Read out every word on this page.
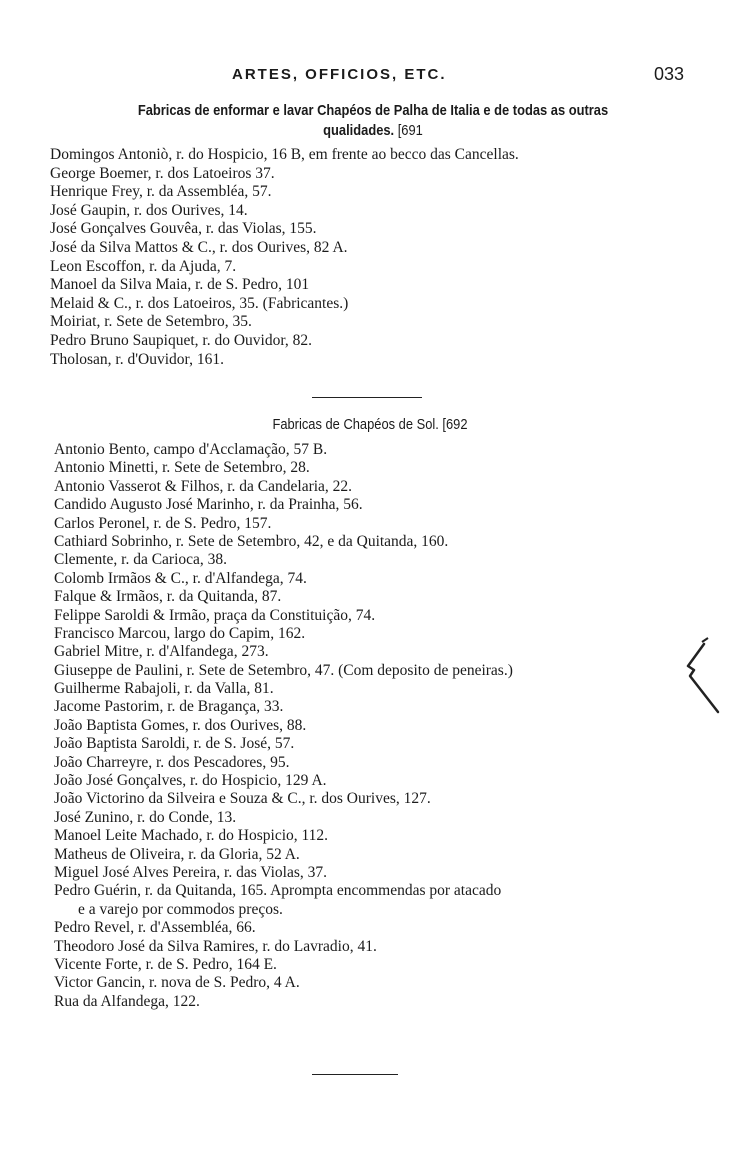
ARTES, OFFICIOS, ETC.	033
Fabricas de enformar e lavar Chapéos de Palha de Italia e de todas as outras
qualidades. [691
Domingos Antoniò, r. do Hospicio, 16 B, em frente ao becco das Cancellas.
George Boemer, r. dos Latoeiros 37.
Henrique Frey, r. da Assembléa, 57.
José Gaupin, r. dos Ourives, 14.
José Gonçalves Gouvêa, r. das Violas, 155.
José da Silva Mattos & C., r. dos Ourives, 82 A.
Leon Escoffon, r. da Ajuda, 7.
Manoel da Silva Maia, r. de S. Pedro, 101
Melaid & C., r. dos Latoeiros, 35. (Fabricantes.)
Moiriat, r. Sete de Setembro, 35.
Pedro Bruno Saupiquet, r. do Ouvidor, 82.
Tholosan, r. d'Ouvidor, 161.
Fabricas de Chapéos de Sol. [692
Antonio Bento, campo d'Acclamação, 57 B.
Antonio Minetti, r. Sete de Setembro, 28.
Antonio Vasserot & Filhos, r. da Candelaria, 22.
Candido Augusto José Marinho, r. da Prainha, 56.
Carlos Peronel, r. de S. Pedro, 157.
Cathiard Sobrinho, r. Sete de Setembro, 42, e da Quitanda, 160.
Clemente, r. da Carioca, 38.
Colomb Irmãos & C., r. d'Alfandega, 74.
Falque & Irmãos, r. da Quitanda, 87.
Felippe Saroldi & Irmão, praça da Constituição, 74.
Francisco Marcou, largo do Capim, 162.
Gabriel Mitre, r. d'Alfandega, 273.
Giuseppe de Paulini, r. Sete de Setembro, 47. (Com deposito de peneiras.)
Guilherme Rabajoli, r. da Valla, 81.
Jacome Pastorim, r. de Bragança, 33.
João Baptista Gomes, r. dos Ourives, 88.
João Baptista Saroldi, r. de S. José, 57.
João Charreyre, r. dos Pescadores, 95.
João José Gonçalves, r. do Hospicio, 129 A.
João Victorino da Silveira e Souza & C., r. dos Ourives, 127.
José Zunino, r. do Conde, 13.
Manoel Leite Machado, r. do Hospicio, 112.
Matheus de Oliveira, r. da Gloria, 52 A.
Miguel José Alves Pereira, r. das Violas, 37.
Pedro Guérin, r. da Quitanda, 165. Aprompta encommendas por atacado
e a varejo por commodos preços.
Pedro Revel, r. d'Assembléa, 66.
Theodoro José da Silva Ramires, r. do Lavradio, 41.
Vicente Forte, r. de S. Pedro, 164 E.
Victor Gancin, r. nova de S. Pedro, 4 A.
Rua da Alfandega, 122.
